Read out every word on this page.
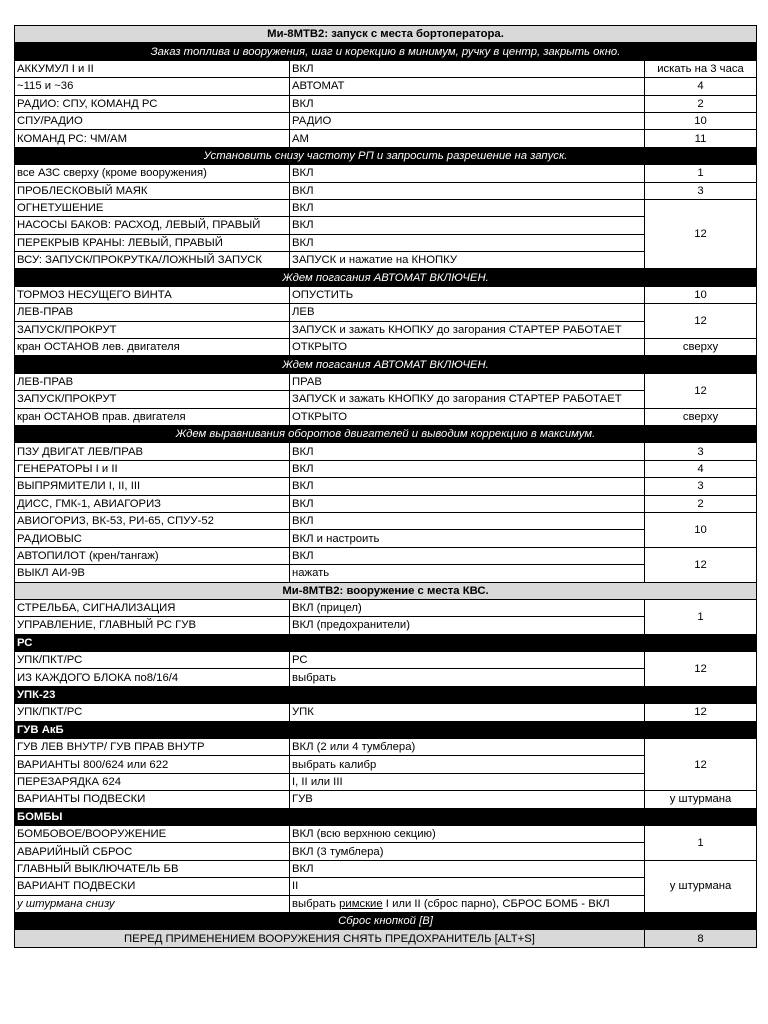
Ми-8МТВ2: запуск с места бортоператора.		
Заказ топлива и вооружения, шаг и корекцию в минимум, ручку в центр, закрыть окно.		
АККУМУЛ I и II	ВКЛ	искать на 3 часа
~115 и ~36	АВТОМАТ	4
РАДИО: СПУ, КОМАНД РС	ВКЛ	2
СПУ/РАДИО	РАДИО	10
КОМАНД РС: ЧМ/АМ	АМ	11
Установить снизу частоту РП и запросить разрешение на запуск.		
все АЗС сверху (кроме вооружения)	ВКЛ	1
ПРОБЛЕСКОВЫЙ МАЯК	ВКЛ	3
ОГНЕТУШЕНИЕ	ВКЛ	12
НАСОСЫ БАКОВ: РАСХОД, ЛЕВЫЙ, ПРАВЫЙ	ВКЛ	
ПЕРЕКРЫВ КРАНЫ: ЛЕВЫЙ, ПРАВЫЙ	ВКЛ	
ВСУ: ЗАПУСК/ПРОКРУТКА/ЛОЖНЫЙ ЗАПУСК	ЗАПУСК и нажатие на КНОПКУ	
Ждем погасания АВТОМАТ ВКЛЮЧЕН.		
ТОРМОЗ НЕСУЩЕГО ВИНТА	ОПУСТИТЬ	10
ЛЕВ-ПРАВ	ЛЕВ	12
ЗАПУСК/ПРОКРУТ	ЗАПУСК и зажать КНОПКУ до загорания СТАРТЕР РАБОТАЕТ	
кран ОСТАНОВ лев. двигателя	ОТКРЫТО	сверху
Ждем погасания АВТОМАТ ВКЛЮЧЕН.		
ЛЕВ-ПРАВ	ПРАВ	12
ЗАПУСК/ПРОКРУТ	ЗАПУСК и зажать КНОПКУ до загорания СТАРТЕР РАБОТАЕТ	
кран ОСТАНОВ прав. двигателя	ОТКРЫТО	сверху
Ждем выравнивания оборотов двигателей и выводим коррекцию в максимум.		
ПЗУ ДВИГАТ ЛЕВ/ПРАВ	ВКЛ	3
ГЕНЕРАТОРЫ I и II	ВКЛ	4
ВЫПРЯМИТЕЛИ I, II, III	ВКЛ	3
ДИСС, ГМК-1, АВИАГОРИЗ	ВКЛ	2
АВИОГОРИЗ, ВК-53, РИ-65, СПУУ-52	ВКЛ	10
РАДИОВЫС	ВКЛ и настроить	
АВТОПИЛОТ (крен/тангаж)	ВКЛ	12
ВЫКЛ АИ-9В	нажать	
Ми-8МТВ2: вооружение с места КВС.		
СТРЕЛЬБА, СИГНАЛИЗАЦИЯ	ВКЛ (прицел)	1
УПРАВЛЕНИЕ, ГЛАВНЫЙ РС ГУВ	ВКЛ (предохранители)	
РС		
УПК/ПКТ/РС	РС	12
ИЗ КАЖДОГО БЛОКА по8/16/4	выбрать	
УПК-23		
УПК/ПКТ/РС	УПК	12
ГУВ АкБ		
ГУВ ЛЕВ ВНУТР/ ГУВ ПРАВ ВНУТР	ВКЛ (2 или 4 тумблера)	12
ВАРИАНТЫ 800/624 или 622	выбрать калибр	
ПЕРЕЗАРЯДКА 624	I, II или III	
ВАРИАНТЫ ПОДВЕСКИ	ГУВ	у штурмана
БОМБЫ		
БОМБОВОЕ/ВООРУЖЕНИЕ	ВКЛ (всю верхнюю секцию)	1
АВАРИЙНЫЙ СБРОС	ВКЛ (3 тумблера)	
ГЛАВНЫЙ ВЫКЛЮЧАТЕЛЬ БВ	ВКЛ	у штурмана
ВАРИАНТ ПОДВЕСКИ	II	
у штурмана снизу	выбрать римские I или II (сброс парно), СБРОС БОМБ - ВКЛ	
Сброс кнопкой [B]		
ПЕРЕД ПРИМЕНЕНИЕМ ВООРУЖЕНИЯ СНЯТЬ ПРЕДОХРАНИТЕЛЬ [ALT+S]		8
